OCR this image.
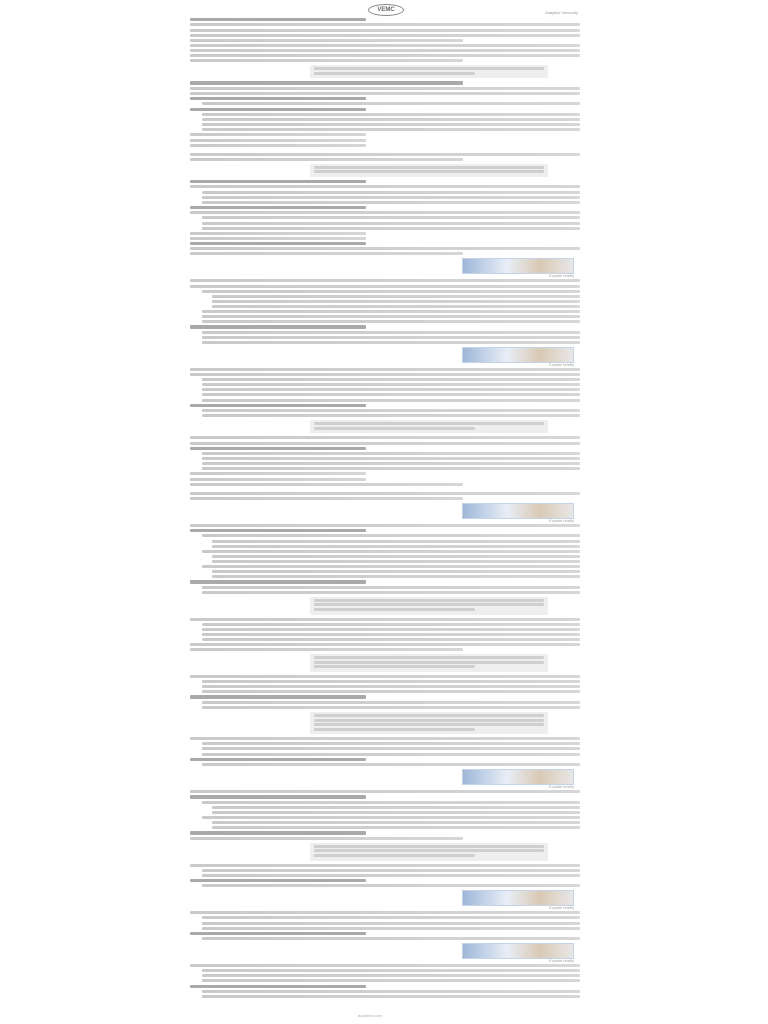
VEMC	Adaptive Immunity
Explain briefly
Explain briefly
Explain briefly
Explain briefly
Explain briefly
Explain briefly
docsend.com
